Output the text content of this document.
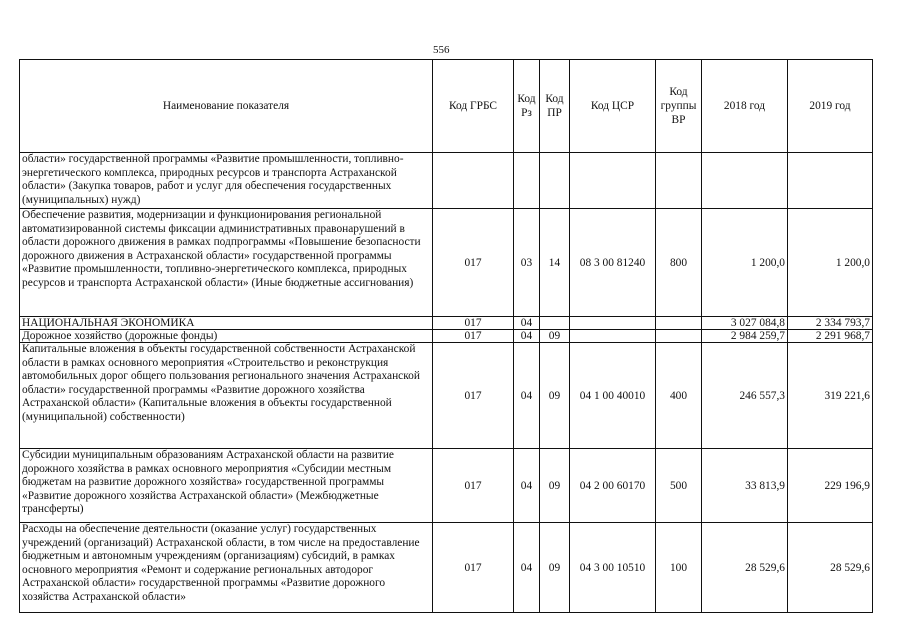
556
Наименование показателя	Код ГРБС	Код Рз	Код ПР	Код ЦСР	Код группы ВР	2018 год	2019 год
области» государственной программы «Развитие промышленности, топливно-энергетического комплекса, природных ресурсов и транспорта Астраханской области» (Закупка товаров, работ и услуг для обеспечения государственных (муниципальных) нужд)							
Обеспечение развития, модернизации и функционирования региональной автоматизированной системы фиксации административных правонарушений в области дорожного движения в рамках подпрограммы «Повышение безопасности дорожного движения в Астраханской области» государственной программы «Развитие промышленности, топливно-энергетического комплекса, природных ресурсов и транспорта Астраханской области» (Иные бюджетные ассигнования)	017	03	14	08 3 00 81240	800	1 200,0	1 200,0
НАЦИОНАЛЬНАЯ ЭКОНОМИКА	017	04				3 027 084,8	2 334 793,7
Дорожное хозяйство (дорожные фонды)	017	04	09			2 984 259,7	2 291 968,7
Капитальные вложения в объекты государственной собственности Астраханской области в рамках основного мероприятия «Строительство и реконструкция автомобильных дорог общего пользования регионального значения Астраханской области» государственной программы «Развитие дорожного хозяйства Астраханской области» (Капитальные вложения в объекты государственной (муниципальной) собственности)	017	04	09	04 1 00 40010	400	246 557,3	319 221,6
Субсидии муниципальным образованиям Астраханской области на развитие дорожного хозяйства в рамках основного мероприятия «Субсидии местным бюджетам на развитие дорожного хозяйства» государственной программы «Развитие дорожного хозяйства Астраханской области» (Межбюджетные трансферты)	017	04	09	04 2 00 60170	500	33 813,9	229 196,9
Расходы на обеспечение деятельности (оказание услуг) государственных учреждений (организаций) Астраханской области, в том числе на предоставление бюджетным и автономным учреждениям (организациям) субсидий, в рамках основного мероприятия «Ремонт и содержание региональных автодорог Астраханской области» государственной программы «Развитие дорожного хозяйства Астраханской области»	017	04	09	04 3 00 10510	100	28 529,6	28 529,6
